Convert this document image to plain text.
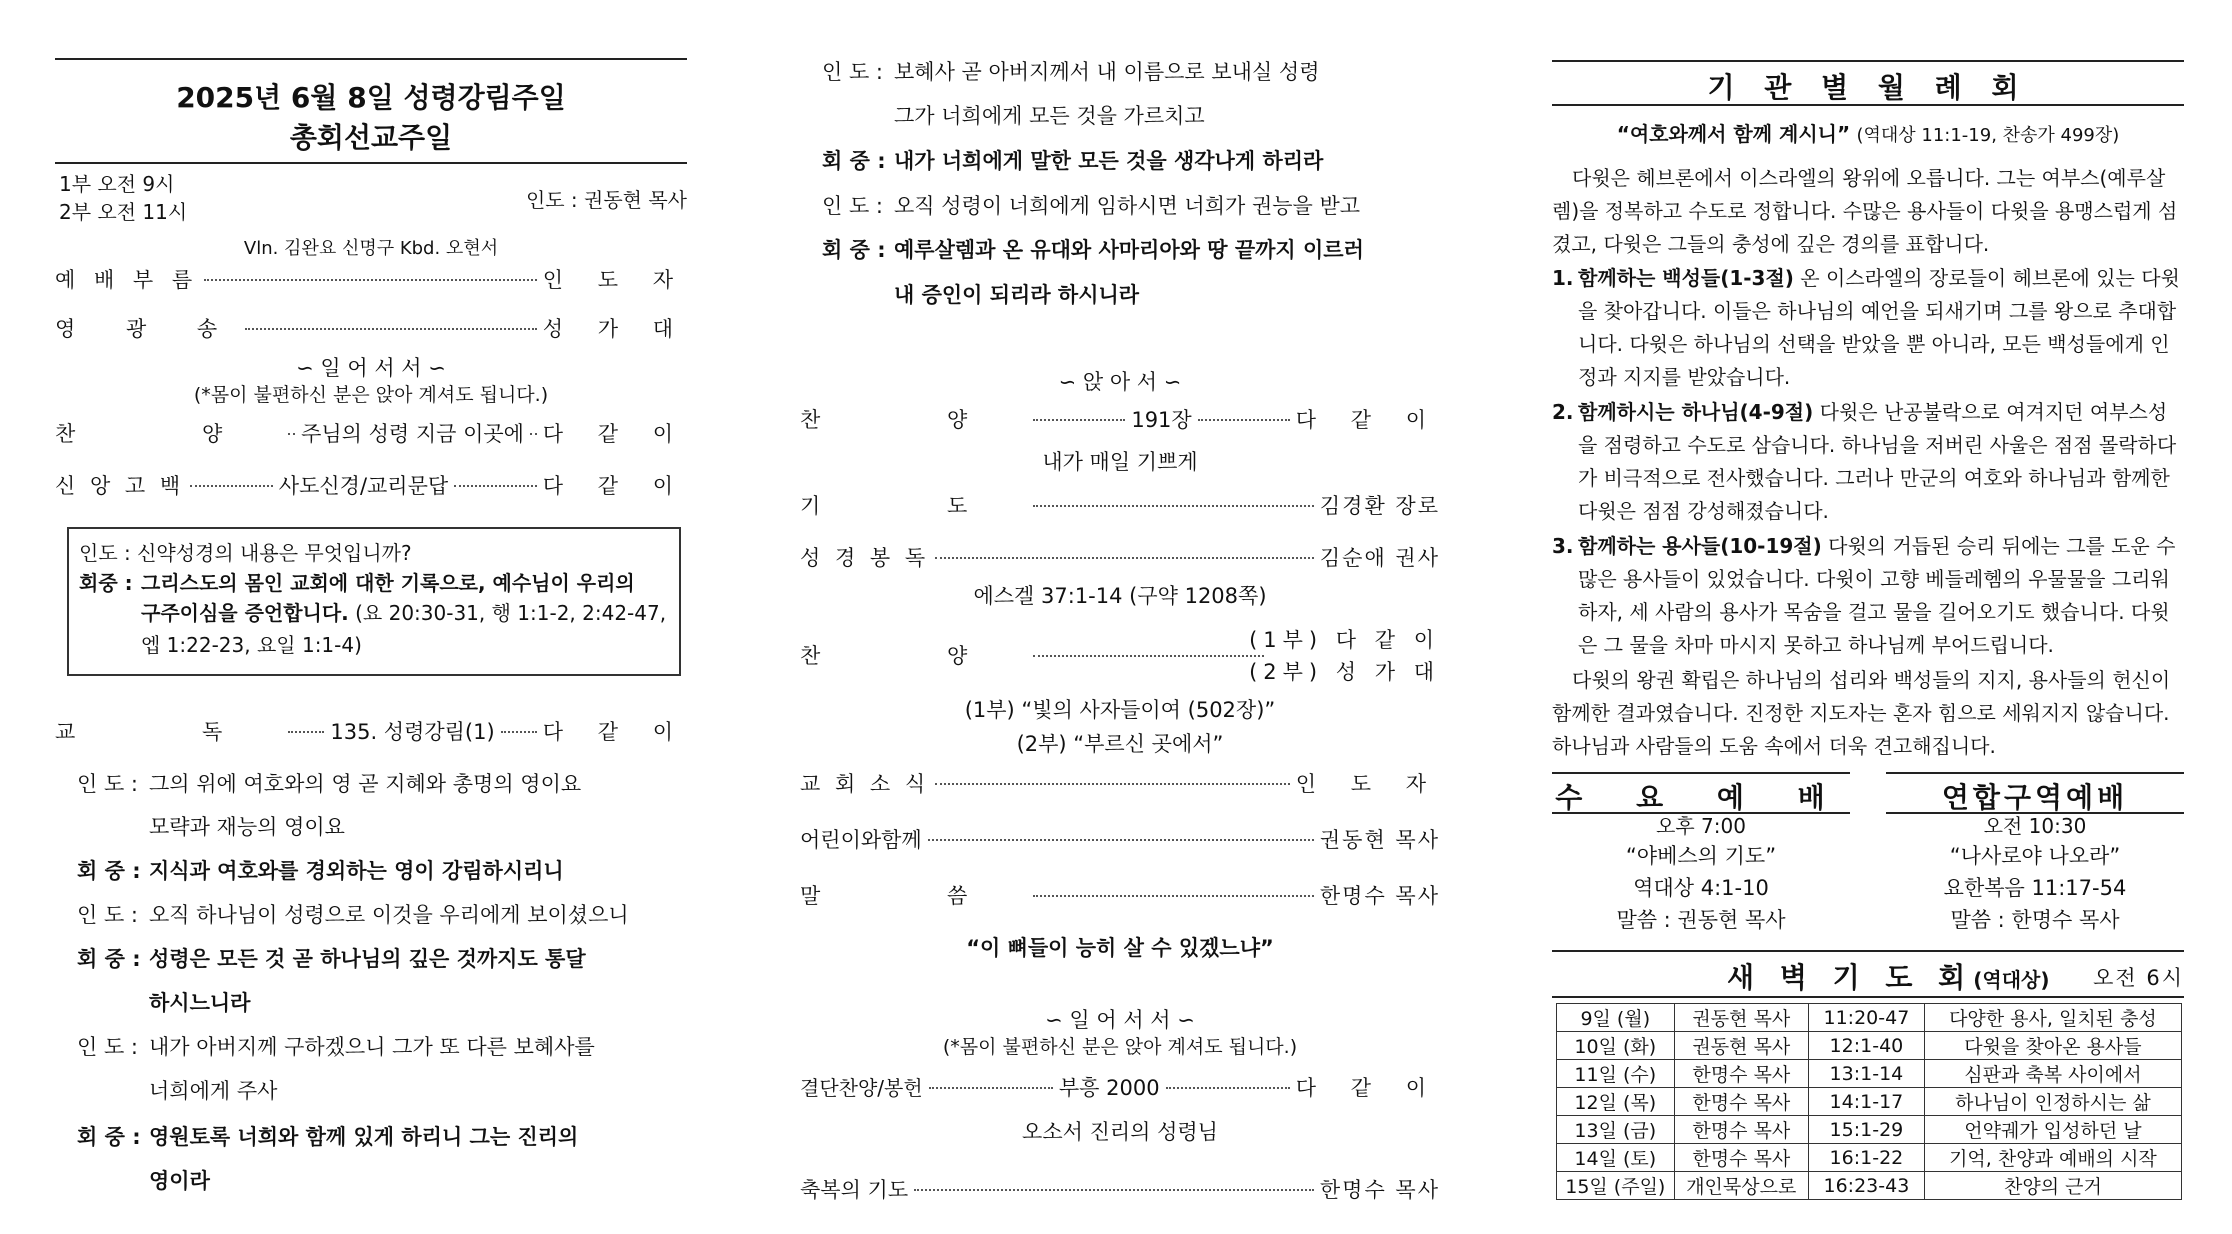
2025년 6월 8일 성령강림주일
총회선교주일
1부 오전 9시
2부 오전 11시	인도 : 권동현 목사
Vln. 김완요 신명구 Kbd. 오현서
예 배 부 름	인 도 자
영 광 송	성 가 대
∽ 일 어 서 서 ∽
(*몸이 불편하신 분은 앉아 계셔도 됩니다.)
찬 양 주님의 성령 지금 이곳에 다 같 이
신 앙 고 백	사도신경/교리문답	다 같 이
인도 : 신약성경의 내용은 무엇입니까?
회중 : 그리스도의 몸인 교회에 대한 기록으로, 예수님이 우리의
구주이심을 증언합니다. (요 20:30-31, 행 1:1-2, 2:42-47,
엡 1:22-23, 요일 1:1-4)
교 독 135. 성령강림(1) 다 같 이
인 도 : 그의 위에 여호와의 영 곧 지혜와 총명의 영이요
모략과 재능의 영이요
회 중 : 지식과 여호와를 경외하는 영이 강림하시리니
인 도 : 오직 하나님이 성령으로 이것을 우리에게 보이셨으니
회 중 : 성령은 모든 것 곧 하나님의 깊은 것까지도 통달
하시느니라
인 도 : 내가 아버지께 구하겠으니 그가 또 다른 보혜사를
너희에게 주사
회 중 : 영원토록 너희와 함께 있게 하리니 그는 진리의
영이라
인 도 : 보혜사 곧 아버지께서 내 이름으로 보내실 성령
그가 너희에게 모든 것을 가르치고
회 중 : 내가 너희에게 말한 모든 것을 생각나게 하리라
인 도 : 오직 성령이 너희에게 임하시면 너희가 권능을 받고
회 중 : 예루살렘과 온 유대와 사마리아와 땅 끝까지 이르러
내 증인이 되리라 하시니라
∽ 앉 아 서 ∽
찬 양	191장	다 같 이
내가 매일 기쁘게
기 도	김경환 장로
성 경 봉 독	김순애 권사
에스겔 37:1-14 (구약 1208쪽)
찬 양

(1부) 다 같 이
(2부) 성 가 대
(1부) “빛의 사자들이여 (502장)”
(2부) “부르신 곳에서”
교 회 소 식	인 도 자
어린이와함께	권동현 목사
말 씀	한명수 목사
“이 뼈들이 능히 살 수 있겠느냐”
∽ 일 어 서 서 ∽
(*몸이 불편하신 분은 앉아 계셔도 됩니다.)
결단찬양/봉헌	부흥 2000	다 같 이
오소서 진리의 성령님
축복의 기도	한명수 목사
기 관 별 월 례 회
“여호와께서 함께 계시니” (역대상 11:1-19, 찬송가 499장)
다윗은 헤브론에서 이스라엘의 왕위에 오릅니다. 그는 여부스(예루살렘)을 정복하고 수도로 정합니다. 수많은 용사들이 다윗을 용맹스럽게 섬겼고, 다윗은 그들의 충성에 깊은 경의를 표합니다.
1. 함께하는 백성들(1-3절) 온 이스라엘의 장로들이 헤브론에 있는 다윗을 찾아갑니다. 이들은 하나님의 예언을 되새기며 그를 왕으로 추대합니다. 다윗은 하나님의 선택을 받았을 뿐 아니라, 모든 백성들에게 인정과 지지를 받았습니다.
2. 함께하시는 하나님(4-9절) 다윗은 난공불락으로 여겨지던 여부스성을 점령하고 수도로 삼습니다. 하나님을 저버린 사울은 점점 몰락하다가 비극적으로 전사했습니다. 그러나 만군의 여호와 하나님과 함께한 다윗은 점점 강성해졌습니다.
3. 함께하는 용사들(10-19절) 다윗의 거듭된 승리 뒤에는 그를 도운 수많은 용사들이 있었습니다. 다윗이 고향 베들레헴의 우물물을 그리워하자, 세 사람의 용사가 목숨을 걸고 물을 길어오기도 했습니다. 다윗은 그 물을 차마 마시지 못하고 하나님께 부어드립니다.
다윗의 왕권 확립은 하나님의 섭리와 백성들의 지지, 용사들의 헌신이 함께한 결과였습니다. 진정한 지도자는 혼자 힘으로 세워지지 않습니다. 하나님과 사람들의 도움 속에서 더욱 견고해집니다.
수 요 예 배
오후 7:00
“야베스의 기도”
역대상 4:1-10
말씀 : 권동현 목사
연합구역예배
오전 10:30
“나사로야 나오라”
요한복음 11:17-54
말씀 : 한명수 목사
새 벽 기 도 회(역대상) 오전 6시
9일 (월)	권동현 목사	11:20-47	다양한 용사, 일치된 충성
10일 (화)	권동현 목사	12:1-40	다윗을 찾아온 용사들
11일 (수)	한명수 목사	13:1-14	심판과 축복 사이에서
12일 (목)	한명수 목사	14:1-17	하나님이 인정하시는 삶
13일 (금)	한명수 목사	15:1-29	언약궤가 입성하던 날
14일 (토)	한명수 목사	16:1-22	기억, 찬양과 예배의 시작
15일 (주일)	개인묵상으로	16:23-43	찬양의 근거
